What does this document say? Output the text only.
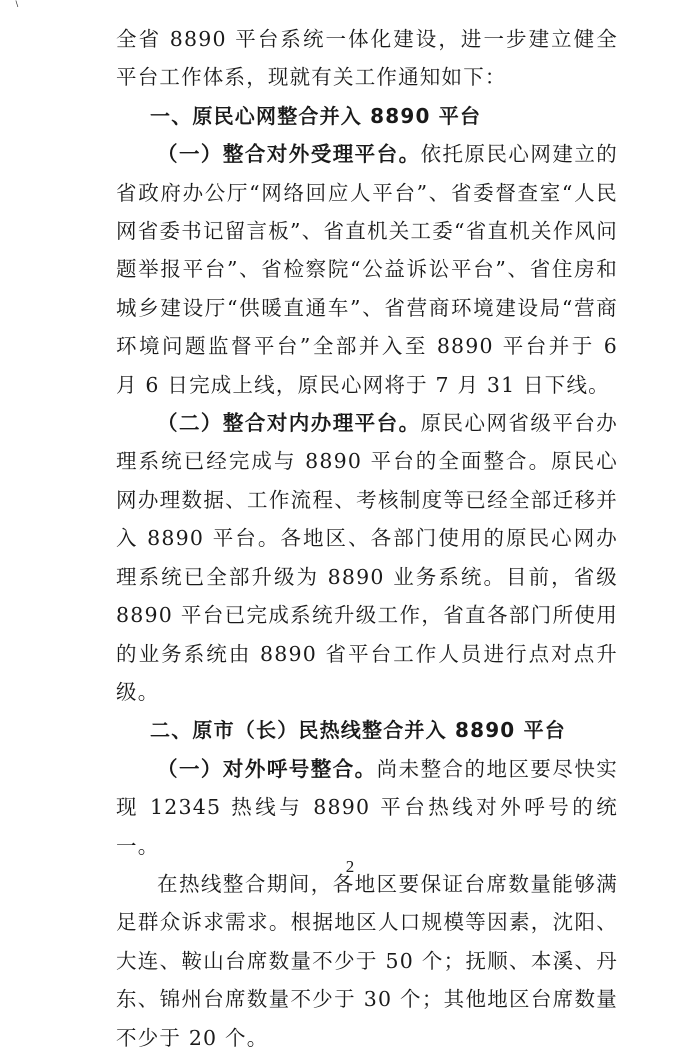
∖

全省 8890 平台系统一体化建设，进一步建立健全平台工作体系，现就有关工作通知如下：

一、原民心网整合并入 8890 平台

（一）整合对外受理平台。依托原民心网建立的省政府办公厅“网络回应人平台”、省委督查室“人民网省委书记留言板”、省直机关工委“省直机关作风问题举报平台”、省检察院“公益诉讼平台”、省住房和城乡建设厅“供暖直通车”、省营商环境建设局“营商环境问题监督平台”全部并入至 8890 平台并于 6 月 6 日完成上线，原民心网将于 7 月 31 日下线。

（二）整合对内办理平台。原民心网省级平台办理系统已经完成与 8890 平台的全面整合。原民心网办理数据、工作流程、考核制度等已经全部迁移并入 8890 平台。各地区、各部门使用的原民心网办理系统已全部升级为 8890 业务系统。目前，省级 8890 平台已完成系统升级工作，省直各部门所使用的业务系统由 8890 省平台工作人员进行点对点升级。

二、原市（长）民热线整合并入 8890 平台

（一）对外呼号整合。尚未整合的地区要尽快实现 12345 热线与 8890 平台热线对外呼号的统一。

在热线整合期间，各地区要保证台席数量能够满足群众诉求需求。根据地区人口规模等因素，沈阳、大连、鞍山台席数量不少于 50 个；抚顺、本溪、丹东、锦州台席数量不少于 30 个；其他地区台席数量不少于 20 个。

2
